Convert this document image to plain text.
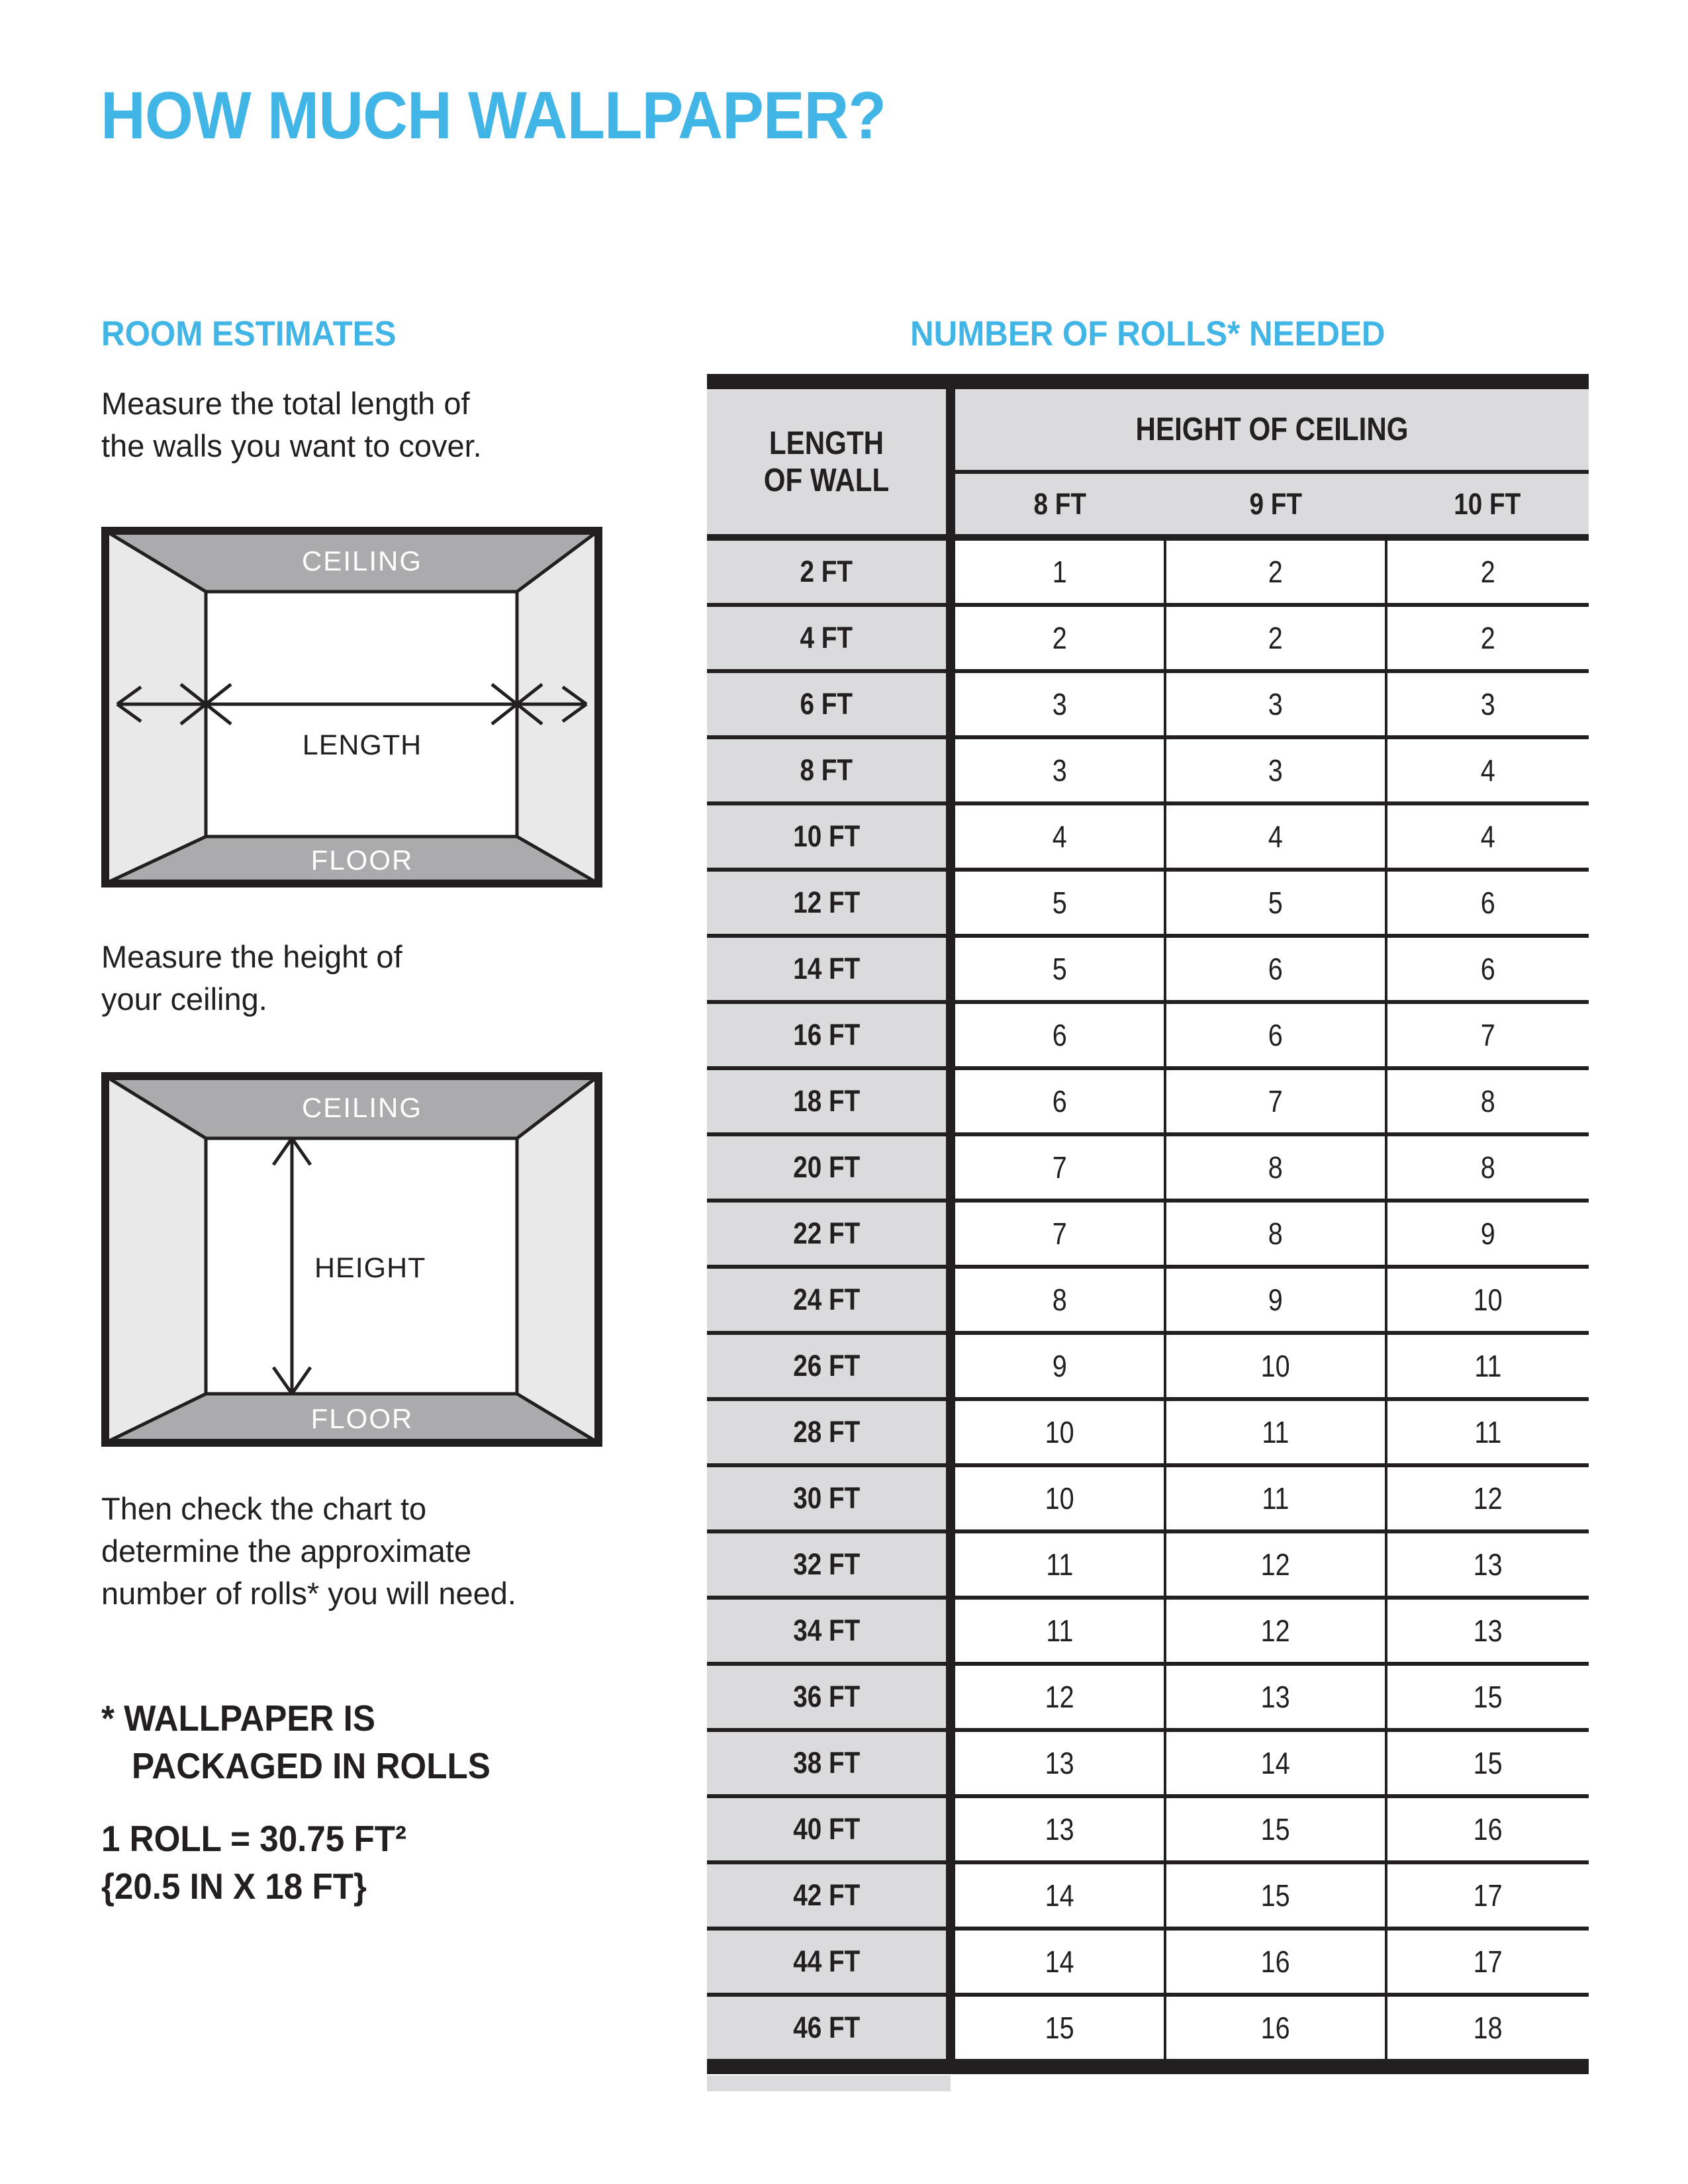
HOW MUCH WALLPAPER?
ROOM ESTIMATES
Measure the total length of
the walls you want to cover.
CEILING
LENGTH
FLOOR
Measure the height of
your ceiling.
CEILING
HEIGHT
FLOOR
Then check the chart to
determine the approximate
number of rolls* you will need.
* WALLPAPER IS
PACKAGED IN ROLLS
1 ROLL = 30.75 FT²
{20.5 IN X 18 FT}
NUMBER OF ROLLS* NEEDED
LENGTH
OF WALL	HEIGHT OF CEILING		
	8 FT	9 FT	10 FT
2 FT	1	2	2
4 FT	2	2	2
6 FT	3	3	3
8 FT	3	3	4
10 FT	4	4	4
12 FT	5	5	6
14 FT	5	6	6
16 FT	6	6	7
18 FT	6	7	8
20 FT	7	8	8
22 FT	7	8	9
24 FT	8	9	10
26 FT	9	10	11
28 FT	10	11	11
30 FT	10	11	12
32 FT	11	12	13
34 FT	11	12	13
36 FT	12	13	15
38 FT	13	14	15
40 FT	13	15	16
42 FT	14	15	17
44 FT	14	16	17
46 FT	15	16	18
